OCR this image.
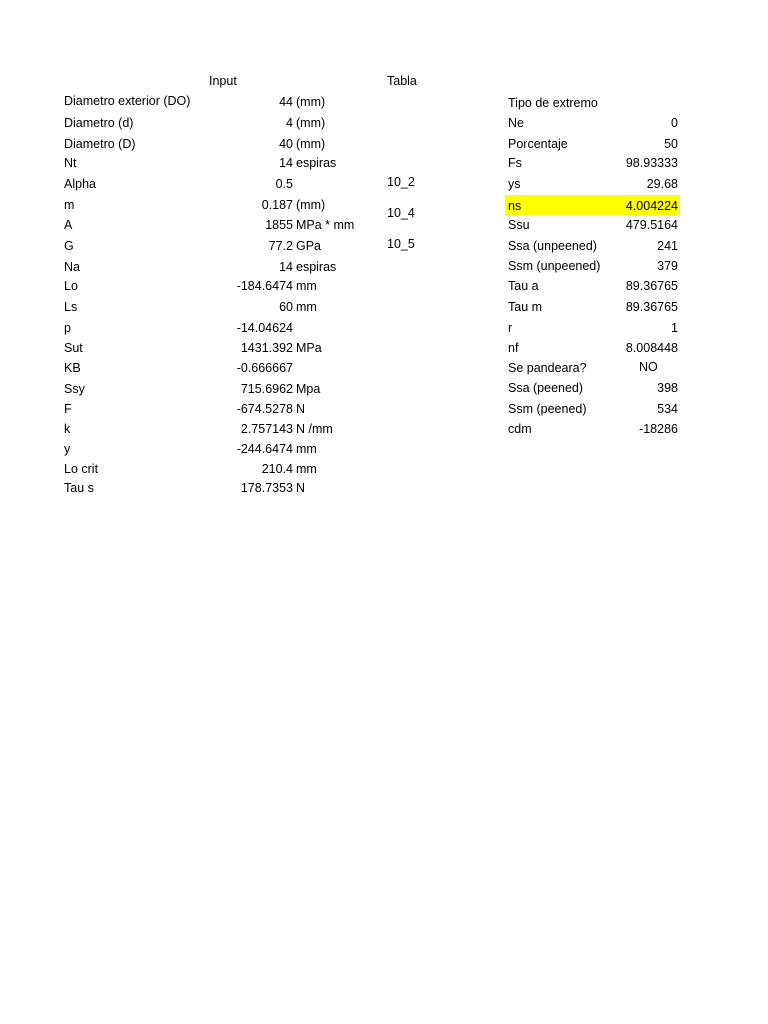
Input	Tabla
Diametro exterior (DO)
Diametro (d)
Diametro (D)
Nt
Alpha
m
A
G
Na
Lo
Ls
p
Sut
KB
Ssy
F
k
y
Lo crit
Tau s
44
4
40
14
0.5
0.187
1855
77.2
14
-184.6474
60
-14.04624
1431.392
-0.666667
715.6962
-674.5278
2.757143
-244.6474
210.4
178.7353
(mm)
(mm)
(mm)
espiras
(mm)
MPa * mm
GPa
espiras
mm
mm
MPa
Mpa
N
N /mm
mm
mm
N
10_2
10_4
10_5
Tipo de extremo
Ne
Porcentaje
Fs
ys
ns
Ssu
Ssa (unpeened)
Ssm (unpeened)
Tau a
Tau m
r
nf
Se pandeara?
Ssa (peened)
Ssm (peened)
cdm
0
50
98.93333
29.68
4.004224
479.5164
241
379
89.36765
89.36765
1
8.008448
NO
398
534
-18286
